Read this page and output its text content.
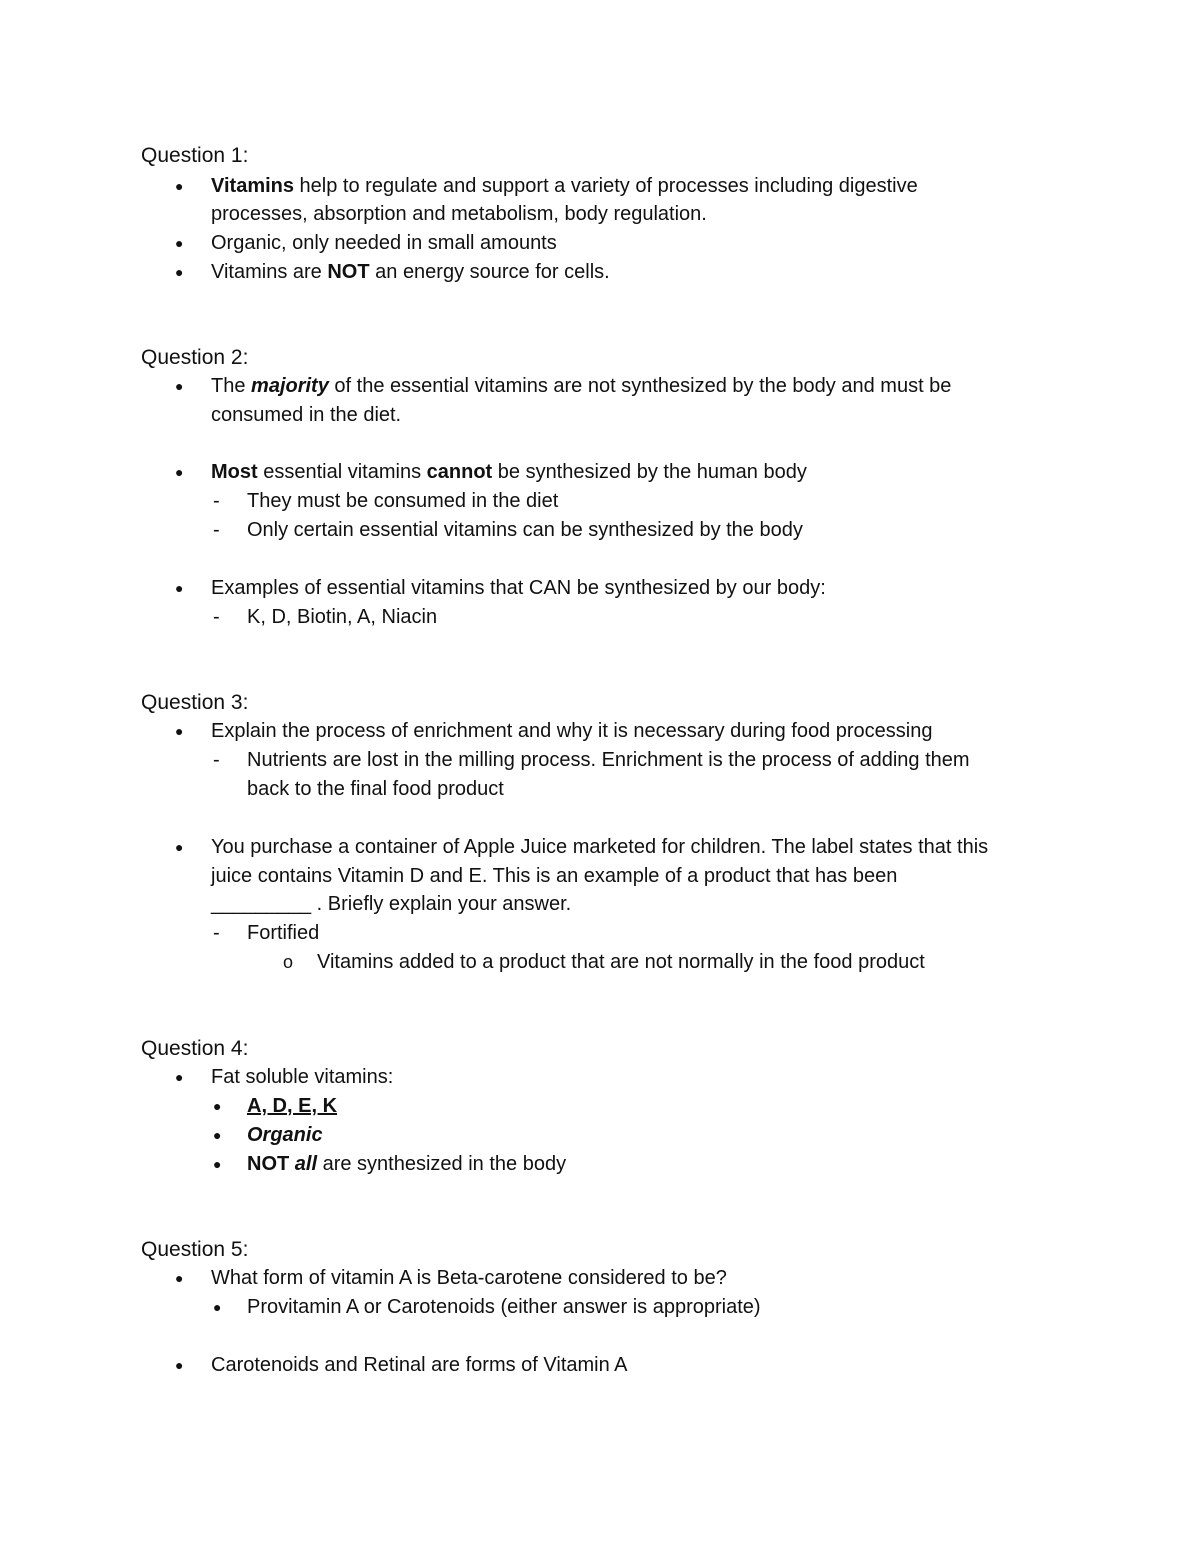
Question 1:
● Vitamins help to regulate and support a variety of processes including digestive
processes, absorption and metabolism, body regulation.
● Organic, only needed in small amounts
● Vitamins are NOT an energy source for cells.
Question 2:
● The majority of the essential vitamins are not synthesized by the body and must be
consumed in the diet.
● Most essential vitamins cannot be synthesized by the human body
- They must be consumed in the diet
- Only certain essential vitamins can be synthesized by the body
● Examples of essential vitamins that CAN be synthesized by our body:
- K, D, Biotin, A, Niacin
Question 3:
● Explain the process of enrichment and why it is necessary during food processing
- Nutrients are lost in the milling process. Enrichment is the process of adding them
back to the final food product
● You purchase a container of Apple Juice marketed for children. The label states that this
juice contains Vitamin D and E. This is an example of a product that has been
_________ . Briefly explain your answer.
- Fortified
o Vitamins added to a product that are not normally in the food product
Question 4:
● Fat soluble vitamins:
● A, D, E, K
● Organic
● NOT all are synthesized in the body
Question 5:
● What form of vitamin A is Beta-carotene considered to be?
● Provitamin A or Carotenoids (either answer is appropriate)
● Carotenoids and Retinal are forms of Vitamin A
